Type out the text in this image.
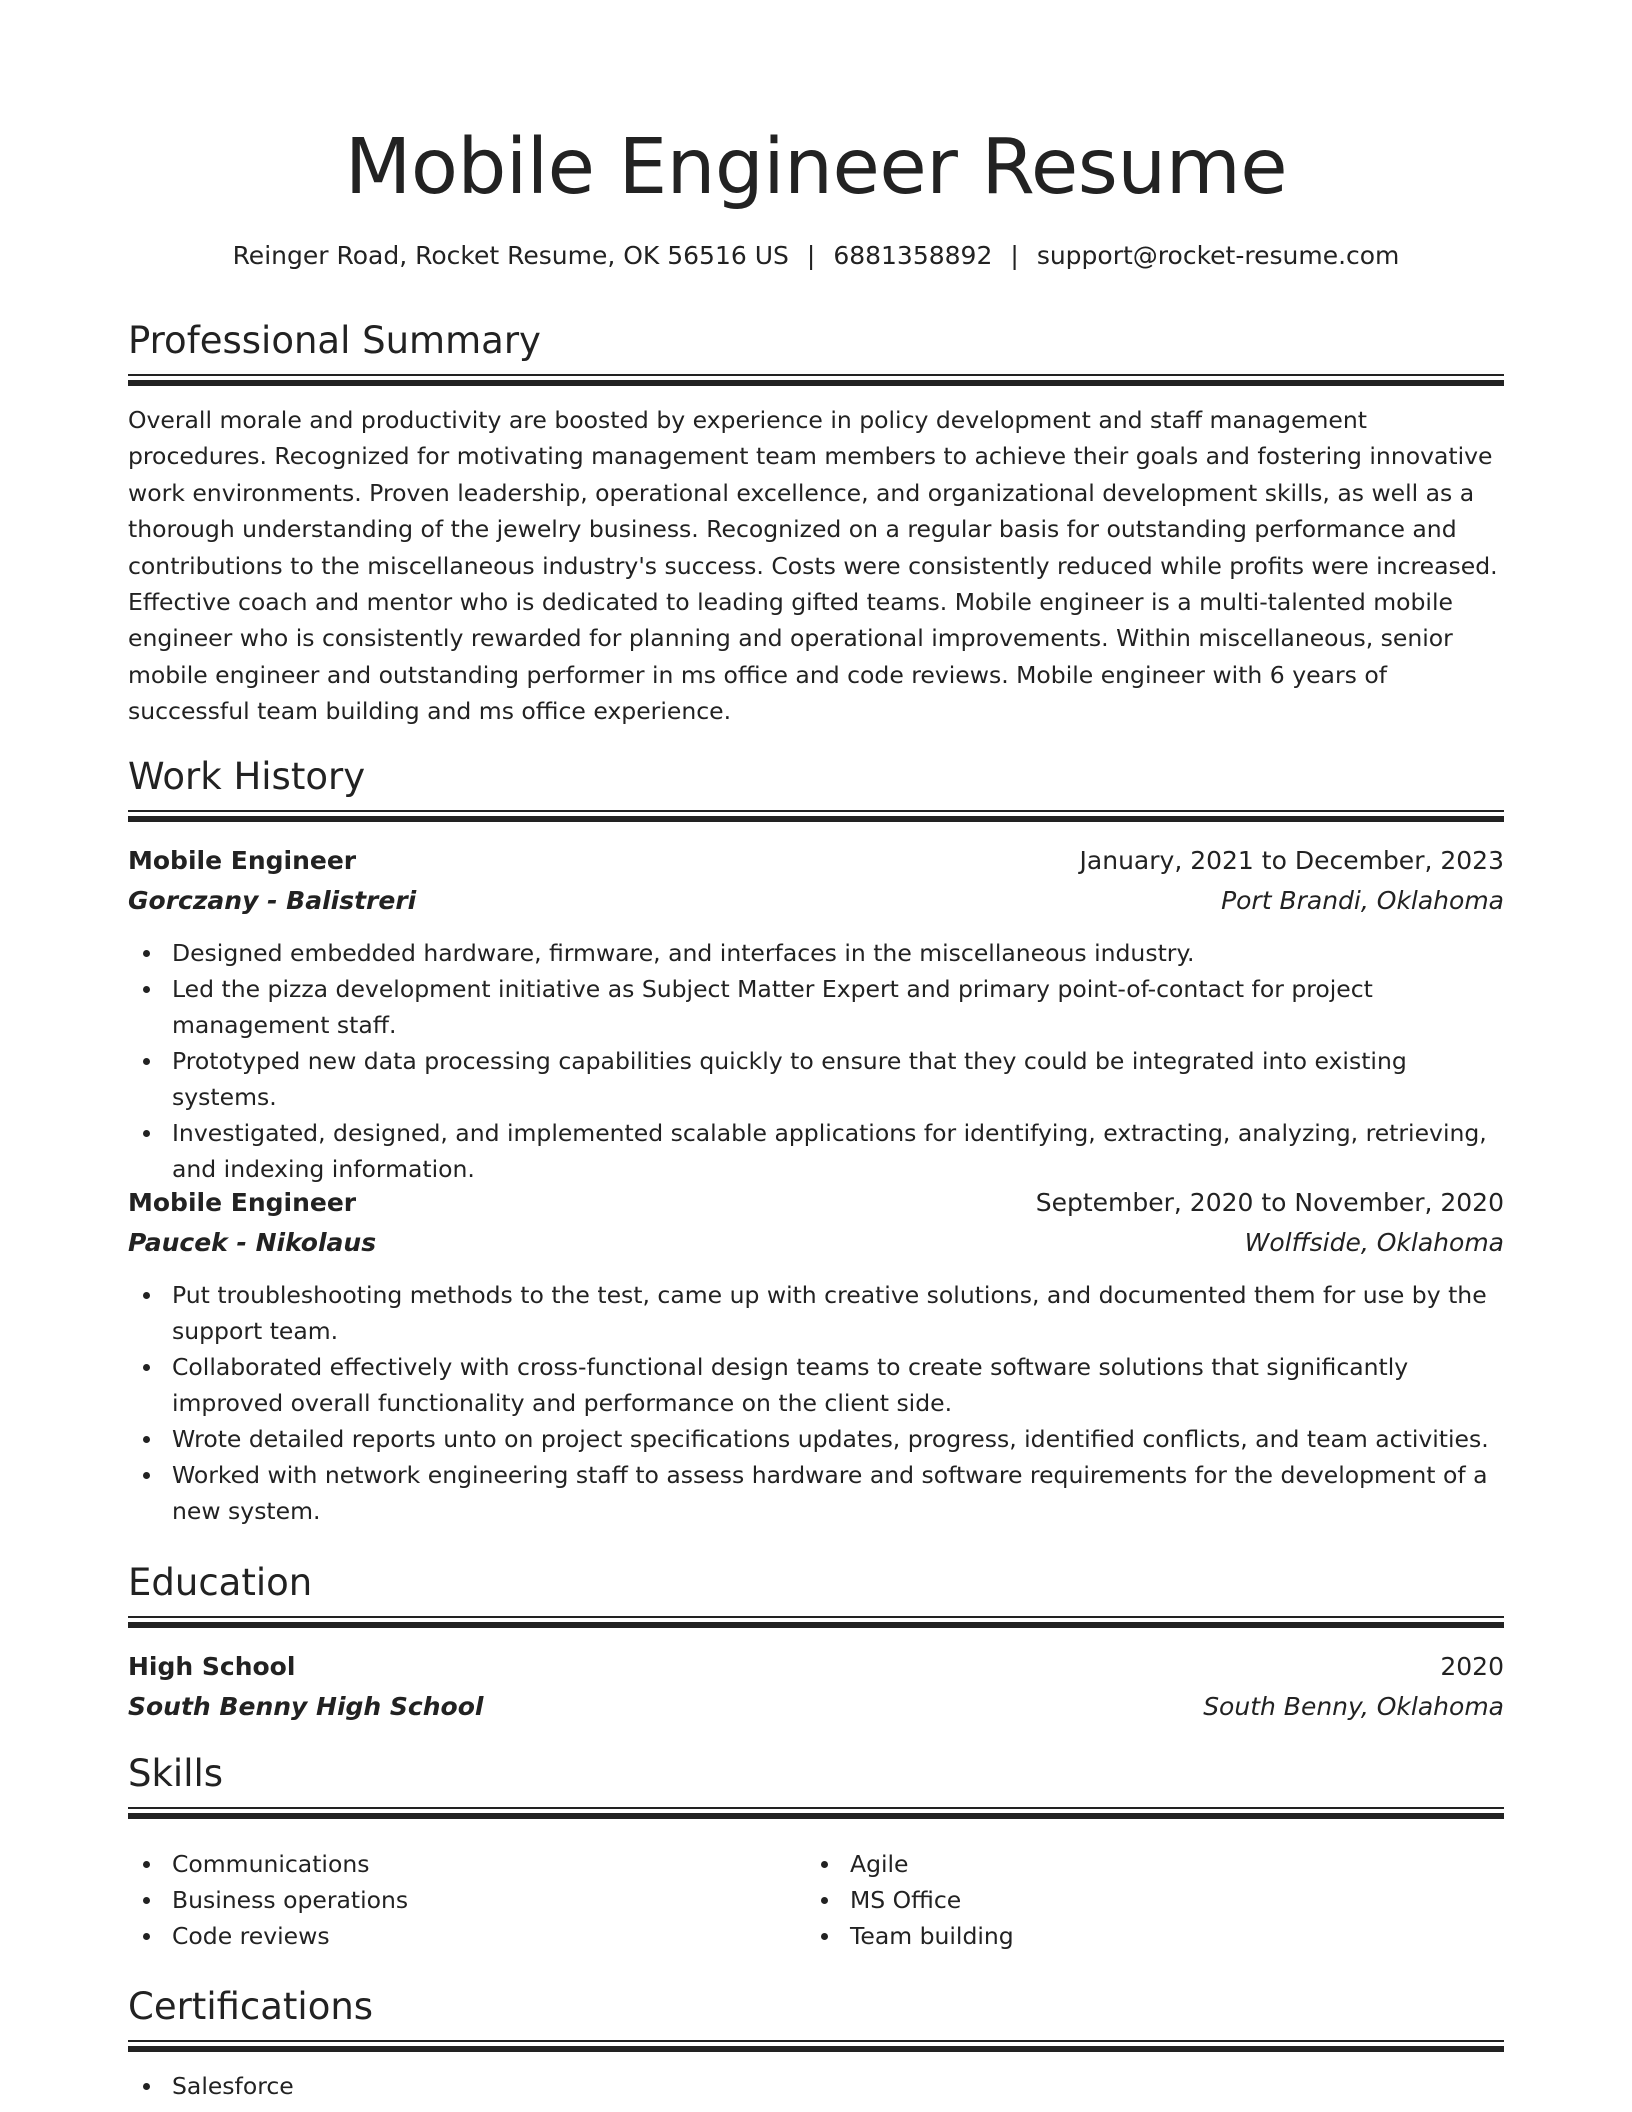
Mobile Engineer Resume
Reinger Road, Rocket Resume, OK 56516 US | 6881358892 | support@rocket-resume.com
Professional Summary

Overall morale and productivity are boosted by experience in policy development and staff management procedures. Recognized for motivating management team members to achieve their goals and fostering innovative work environments. Proven leadership, operational excellence, and organizational development skills, as well as a thorough understanding of the jewelry business. Recognized on a regular basis for outstanding performance and contributions to the miscellaneous industry's success. Costs were consistently reduced while profits were increased. Effective coach and mentor who is dedicated to leading gifted teams. Mobile engineer is a multi-talented mobile engineer who is consistently rewarded for planning and operational improvements. Within miscellaneous, senior mobile engineer and outstanding performer in ms office and code reviews. Mobile engineer with 6 years of successful team building and ms office experience.

Work History
Mobile Engineer	January, 2021 to December, 2023
Gorczany - Balistreri	Port Brandi, Oklahoma
Designed embedded hardware, firmware, and interfaces in the miscellaneous industry.
Led the pizza development initiative as Subject Matter Expert and primary point-of-contact for project management staff.
Prototyped new data processing capabilities quickly to ensure that they could be integrated into existing systems.
Investigated, designed, and implemented scalable applications for identifying, extracting, analyzing, retrieving, and indexing information.
Mobile Engineer	September, 2020 to November, 2020
Paucek - Nikolaus	Wolffside, Oklahoma
Put troubleshooting methods to the test, came up with creative solutions, and documented them for use by the support team.
Collaborated effectively with cross-functional design teams to create software solutions that significantly improved overall functionality and performance on the client side.
Wrote detailed reports unto on project specifications updates, progress, identified conflicts, and team activities.
Worked with network engineering staff to assess hardware and software requirements for the development of a new system.
Education
High School	2020
South Benny High School	South Benny, Oklahoma
Skills
Communications
Business operations
Code reviews
Agile
MS Office
Team building
Certifications
Salesforce
